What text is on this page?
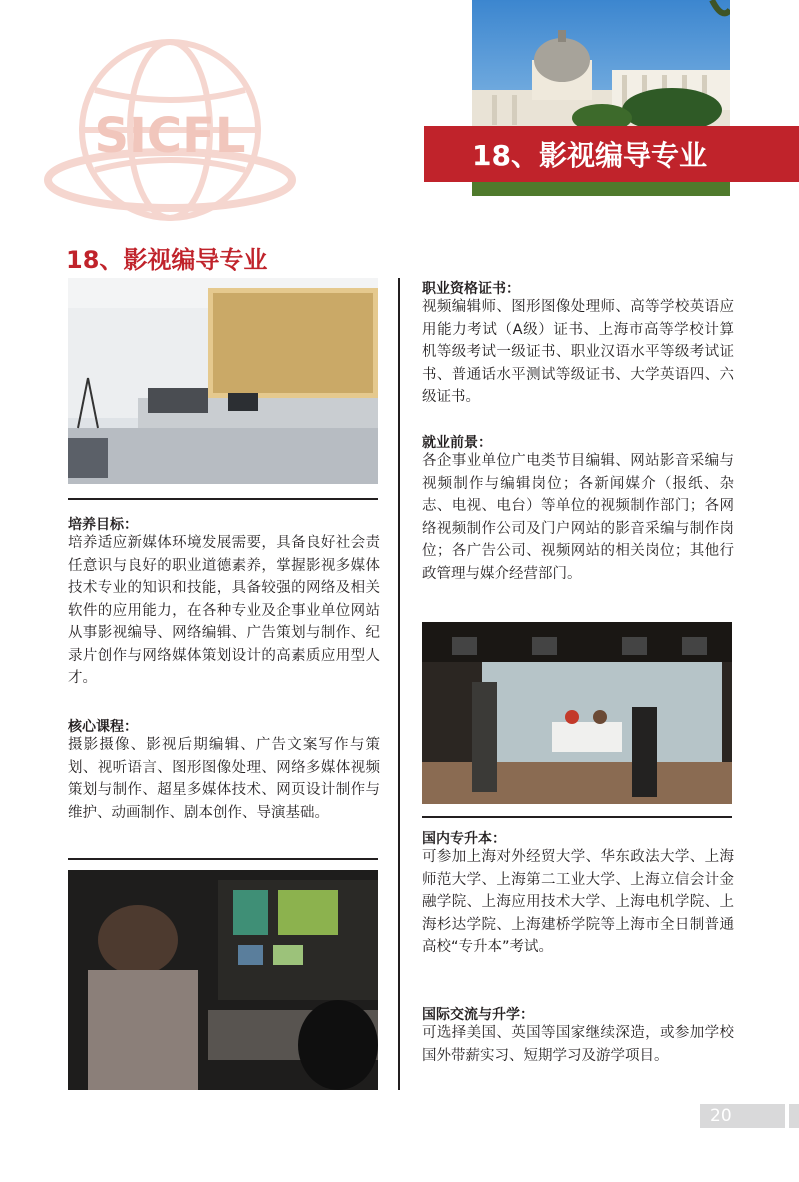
SICFL	18、影视编导专业
18、影视编导专业
培养目标：
培养适应新媒体环境发展需要，具备良好社会责任意识与良好的职业道德素养，掌握影视多媒体技术专业的知识和技能，具备较强的网络及相关软件的应用能力，在各种专业及企事业单位网站从事影视编导、网络编辑、广告策划与制作、纪录片创作与网络媒体策划设计的高素质应用型人才。
核心课程：
摄影摄像、影视后期编辑、广告文案写作与策划、视听语言、图形图像处理、网络多媒体视频策划与制作、超星多媒体技术、网页设计制作与维护、动画制作、剧本创作、导演基础。
职业资格证书：
视频编辑师、图形图像处理师、高等学校英语应用能力考试（A级）证书、上海市高等学校计算机等级考试一级证书、职业汉语水平等级考试证书、普通话水平测试等级证书、大学英语四、六级证书。
就业前景：
各企事业单位广电类节目编辑、网站影音采编与视频制作与编辑岗位；各新闻媒介（报纸、杂志、电视、电台）等单位的视频制作部门；各网络视频制作公司及门户网站的影音采编与制作岗位；各广告公司、视频网站的相关岗位；其他行政管理与媒介经营部门。
国内专升本：
可参加上海对外经贸大学、华东政法大学、上海师范大学、上海第二工业大学、上海立信会计金融学院、上海应用技术大学、上海电机学院、上海杉达学院、上海建桥学院等上海市全日制普通高校“专升本”考试。
国际交流与升学：
可选择美国、英国等国家继续深造，或参加学校国外带薪实习、短期学习及游学项目。
20
